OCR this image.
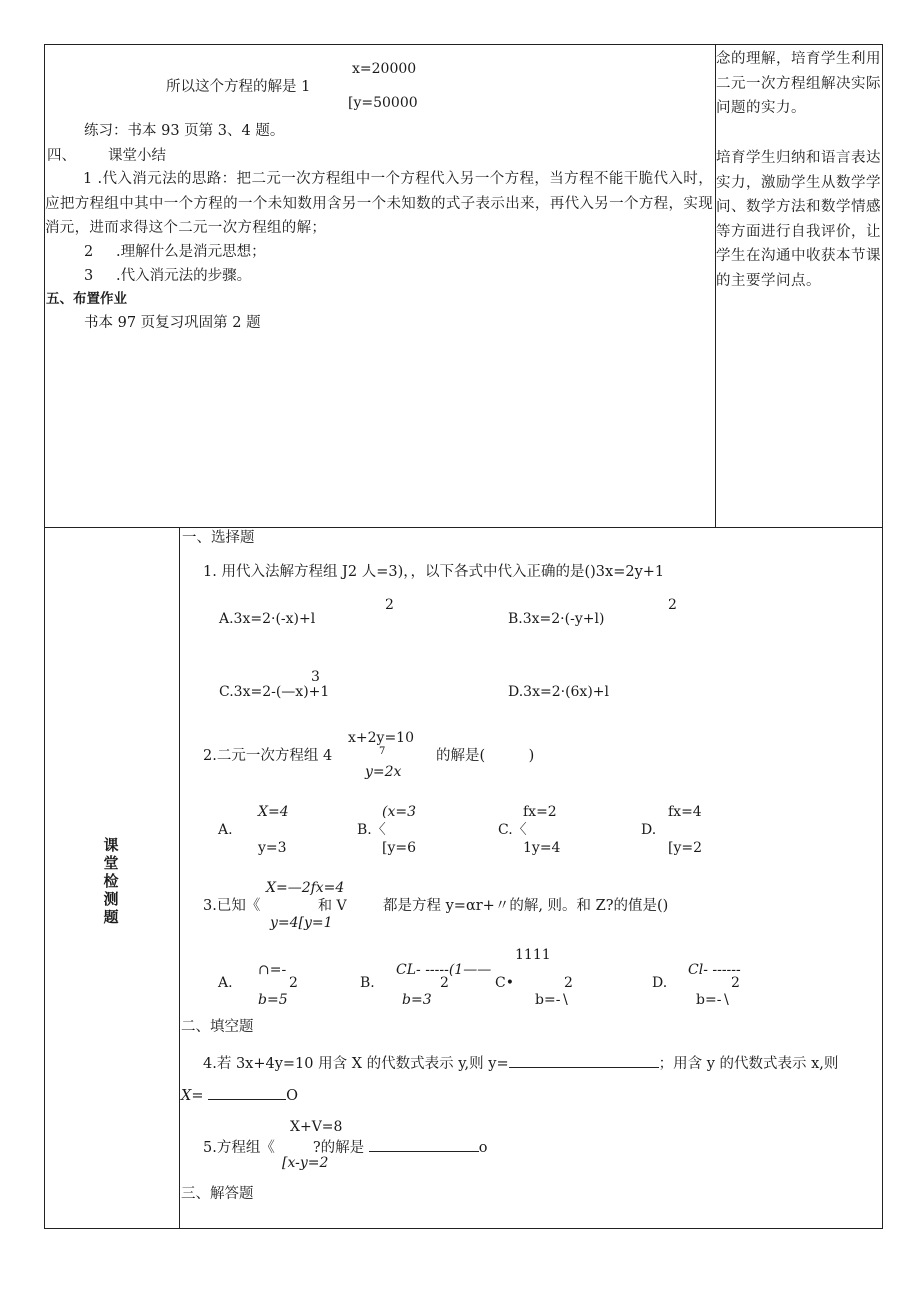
x=20000
所以这个方程的解是 1
[y=50000
练习：书本 93 页第 3、4 题。
四、 课堂小结
1 .代入消元法的思路：把二元一次方程组中一个方程代入另一个方程，当方程不能干脆代入时，应把方程组中其中一个方程的一个未知数用含另一个未知数的式子表示出来，再代入另一个方程，实现消元，进而求得这个二元一次方程组的解；
2 .理解什么是消元思想；
3 .代入消元法的步骤。
五、布置作业
书本 97 页复习巩固第 2 题
念的理解，培育学生利用二元一次方程组解决实际问题的实力。
培育学生归纳和语言表达实力，激励学生从数学学问、数学方法和数学情感等方面进行自我评价，让学生在沟通中收获本节课的主要学问点。
课堂检测题
一、选择题
1. 用代入法解方程组 J2 人=3)，，以下各式中代入正确的是()3x=2y+1
2
A.3x=2·(-x)+l
2
B.3x=2·(-y+l)
3
C.3x=2-(—x)+1	D.3x=2·(6x)+l
x+2y=10
7
2.二元一次方程组 4	的解是(　　　)
y=2x
X=4
A.
y=3
(x=3
B.〈
[y=6
fx=2
C.〈
1y=4
fx=4
D.
[y=2
X=—2fx=4
3.已知《	和 V	都是方程 y=αr+〃的解, 则。和 Z?的值是()
y=4[y=1
1111
A.
∩=-
2
b=5
B.
CL- -----(1——
2
b=3
C•	2
b=-∖
D.
Cl- ------
2
b=-∖
二、填空题
4.若 3x+4y=10 用含 X 的代数式表示 y,则 y=	；用含 y 的代数式表示 x,则
X=	O
X+V=8
5.方程组《	?的解是	o
[x-y=2
三、解答题
